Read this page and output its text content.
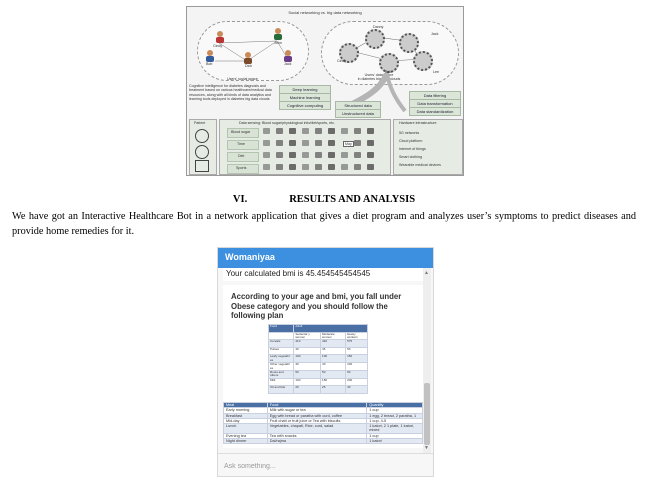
Social networking vs. big data networking
Cindy
John
Bob	Dick	Jack
Users' social space
Danny
Jack
Cindy
Bob	Lee
Users' data space
in diabetes big data clouds
Cognitive intelligence for diabetes diagnosis and treatment based on various healthcare/medical data resources, along with all kinds of data analytics and learning tools deployed in diabetes big data clouds
Deep learning
Machine learning
Cognitive computing	Structured data
Unstructured data
Data filtering
Data transformation
Data standardization
Patient	Data sensing: Blood sugar/physiological info/diet/sports, etc.
Blood sugar
Time
Diet
Sports
May
Hardware infrastructure
5G networks
Cloud platform
Internet of things
Smart clothing
Wearable medical devices
VI.	RESULTS AND ANALYSIS
We have got an Interactive Healthcare Bot in a network application that gives a diet program and analyzes user’s symptoms to predict diseases and provide home remedies for it.
Womaniyaa
Your calculated bmi is 45.454545454545
According to your age and bmi, you fall under Obese category and you should follow the following plan
Food	Adult		
	Sedentar y women	Moderate women	Heavy workers
Cereals	410	440	575
Pulses	40	45	50
Leafy vegetabl es	100	100	150
Other vegetabl es	40	40	100
Roots and tubers	50	50	60
Milk	100	150	200
Oil and fats	20	25	40
Meal	Food	Quantity
Early morning	Milk with sugar or tea	1 cup
Breakfast	Egg with bread or paratha with curd, coffee	1 egg, 2 bread, 2 paratha, 1
Mid-day	Fruit chatt or fruit juice or Tea with biscuits	1 cup, 4-5
Lunch	Vegetables, chapati, Rice, curd, salad	1 katori, 2 1 plate, 1 katori, mixed
Evening tea	Tea with snacks	1 cup
Night dinner	Dal/rajma	1 katori
▲
▼
Ask something...
